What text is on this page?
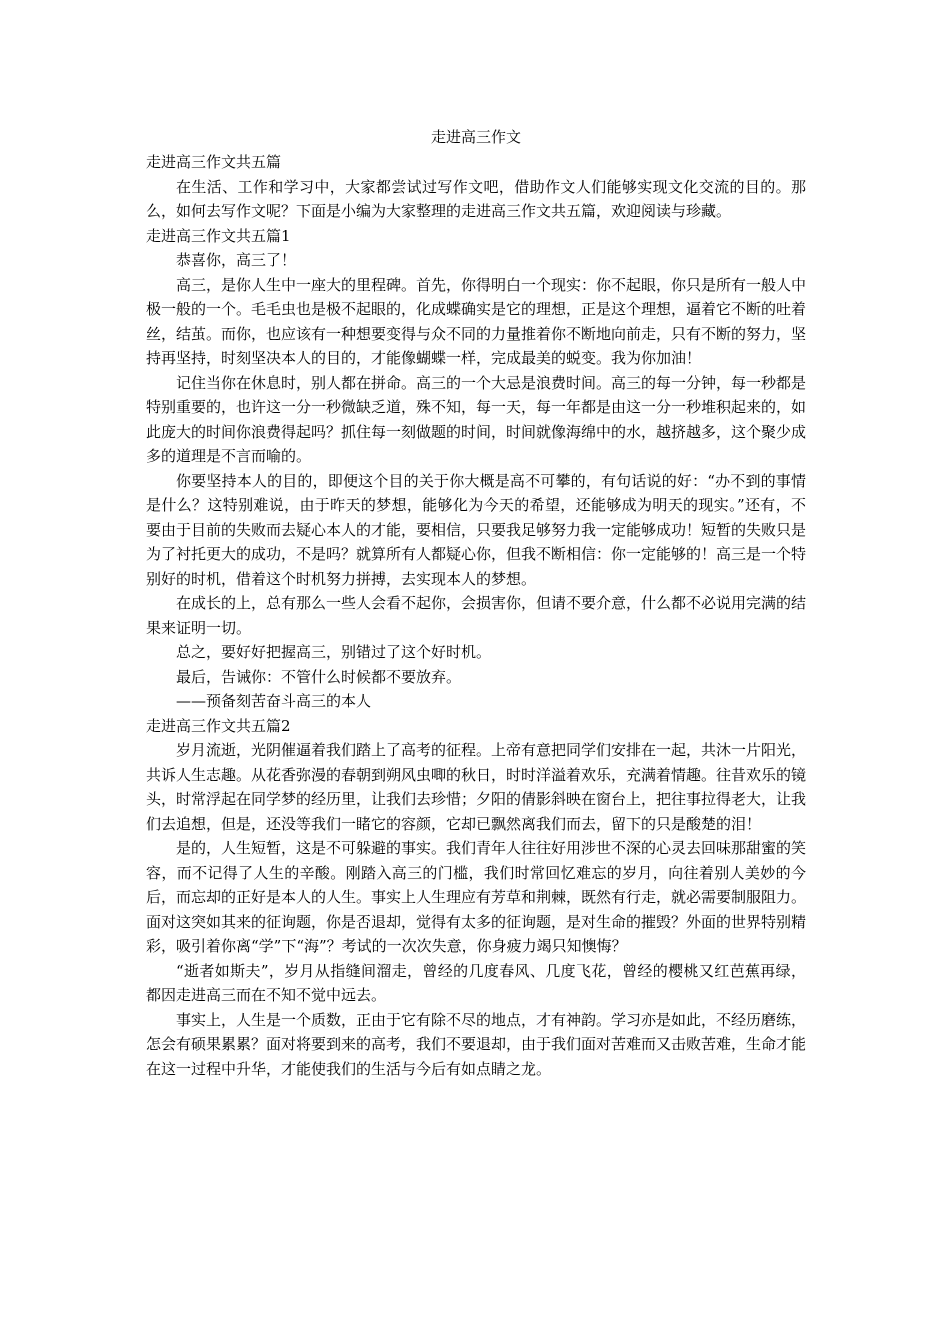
走进高三作文

走进高三作文共五篇

在生活、工作和学习中，大家都尝试过写作文吧，借助作文人们能够实现文化交流的目的。那么，如何去写作文呢？下面是小编为大家整理的走进高三作文共五篇，欢迎阅读与珍藏。

走进高三作文共五篇1

恭喜你，高三了！

高三，是你人生中一座大的里程碑。首先，你得明白一个现实：你不起眼，你只是所有一般人中极一般的一个。毛毛虫也是极不起眼的，化成蝶确实是它的理想，正是这个理想，逼着它不断的吐着丝，结茧。而你，也应该有一种想要变得与众不同的力量推着你不断地向前走，只有不断的努力，坚持再坚持，时刻坚决本人的目的，才能像蝴蝶一样，完成最美的蜕变。我为你加油！

记住当你在休息时，别人都在拼命。高三的一个大忌是浪费时间。高三的每一分钟，每一秒都是特别重要的，也许这一分一秒微缺乏道，殊不知，每一天，每一年都是由这一分一秒堆积起来的，如此庞大的时间你浪费得起吗？抓住每一刻做题的时间，时间就像海绵中的水，越挤越多，这个聚少成多的道理是不言而喻的。

你要坚持本人的目的，即便这个目的关于你大概是高不可攀的，有句话说的好：“办不到的事情是什么？这特别难说，由于昨天的梦想，能够化为今天的希望，还能够成为明天的现实。”还有，不要由于目前的失败而去疑心本人的才能，要相信，只要我足够努力我一定能够成功！短暂的失败只是为了衬托更大的成功，不是吗？就算所有人都疑心你，但我不断相信：你一定能够的！高三是一个特别好的时机，借着这个时机努力拼搏，去实现本人的梦想。

在成长的上，总有那么一些人会看不起你，会损害你，但请不要介意，什么都不必说用完满的结果来证明一切。

总之，要好好把握高三，别错过了这个好时机。

最后，告诫你：不管什么时候都不要放弃。

——预备刻苦奋斗高三的本人

走进高三作文共五篇2

岁月流逝，光阴催逼着我们踏上了高考的征程。上帝有意把同学们安排在一起，共沐一片阳光，共诉人生志趣。从花香弥漫的春朝到朔风虫唧的秋日，时时洋溢着欢乐，充满着情趣。往昔欢乐的镜头，时常浮起在同学梦的经历里，让我们去珍惜；夕阳的倩影斜映在窗台上，把往事拉得老大，让我们去追想，但是，还没等我们一睹它的容颜，它却已飘然离我们而去，留下的只是酸楚的泪！

是的，人生短暂，这是不可躲避的事实。我们青年人往往好用涉世不深的心灵去回味那甜蜜的笑容，而不记得了人生的辛酸。刚踏入高三的门槛，我们时常回忆难忘的岁月，向往着别人美妙的今后，而忘却的正好是本人的人生。事实上人生理应有芳草和荆棘，既然有行走，就必需要制服阻力。面对这突如其来的征询题，你是否退却，觉得有太多的征询题，是对生命的摧毁？外面的世界特别精彩，吸引着你离“学”下“海”？考试的一次次失意，你身疲力竭只知懊悔？

“逝者如斯夫”，岁月从指缝间溜走，曾经的几度春风、几度飞花，曾经的樱桃又红芭蕉再绿，都因走进高三而在不知不觉中远去。

事实上，人生是一个质数，正由于它有除不尽的地点，才有神韵。学习亦是如此，不经历磨练，怎会有硕果累累？面对将要到来的高考，我们不要退却，由于我们面对苦难而又击败苦难，生命才能在这一过程中升华，才能使我们的生活与今后有如点睛之龙。
